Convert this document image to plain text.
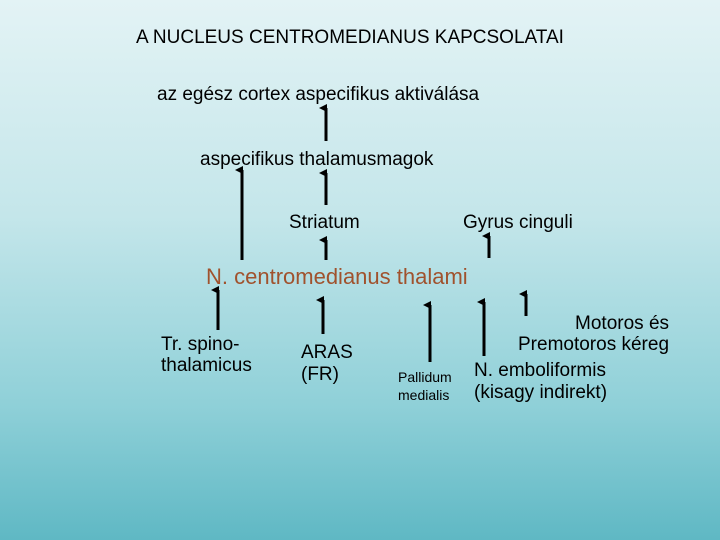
A NUCLEUS CENTROMEDIANUS KAPCSOLATAI
az egész cortex aspecifikus aktiválása
aspecifikus thalamusmagok
Striatum	Gyrus cinguli
N. centromedianus thalami
Tr. spino-
thalamicus
ARAS
(FR)
Motoros és
Premotoros kéreg
Pallidum
medialis
N. emboliformis
(kisagy indirekt)
